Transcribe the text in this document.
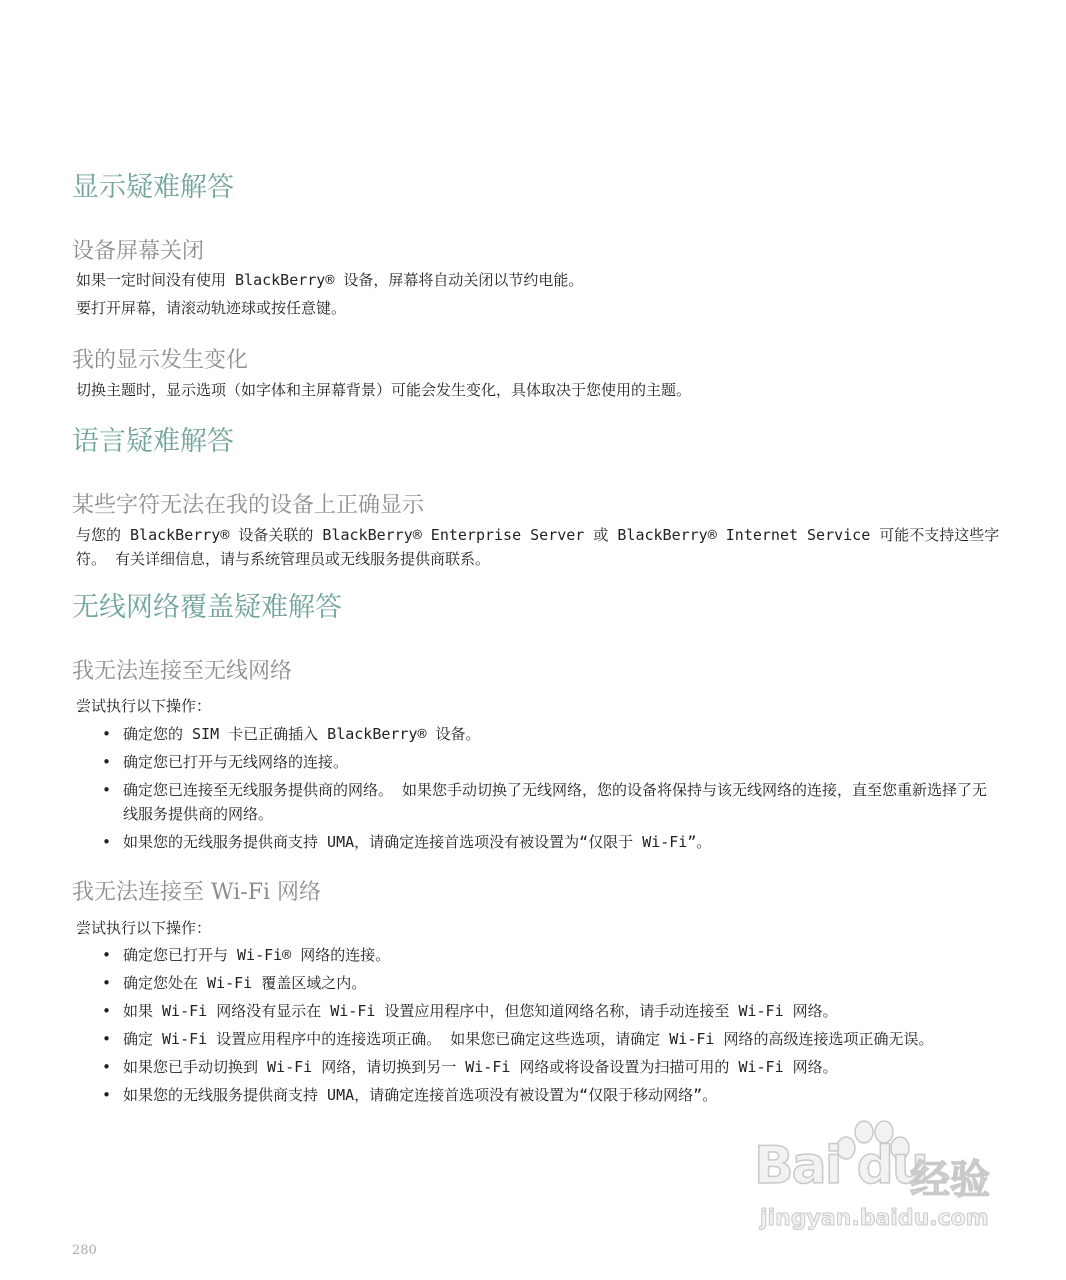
显示疑难解答
设备屏幕关闭

如果一定时间没有使用 BlackBerry® 设备，屏幕将自动关闭以节约电能。

要打开屏幕，请滚动轨迹球或按任意键。

我的显示发生变化

切换主题时，显示选项（如字体和主屏幕背景）可能会发生变化，具体取决于您使用的主题。

语言疑难解答
某些字符无法在我的设备上正确显示

与您的 BlackBerry® 设备关联的 BlackBerry® Enterprise Server 或 BlackBerry® Internet Service 可能不支持这些字符。 有关详细信息，请与系统管理员或无线服务提供商联系。

无线网络覆盖疑难解答
我无法连接至无线网络

尝试执行以下操作：

• 确定您的 SIM 卡已正确插入 BlackBerry® 设备。
• 确定您已打开与无线网络的连接。
• 确定您已连接至无线服务提供商的网络。 如果您手动切换了无线网络，您的设备将保持与该无线网络的连接，直至您重新选择了无线服务提供商的网络。
• 如果您的无线服务提供商支持 UMA，请确定连接首选项没有被设置为“仅限于 Wi-Fi”。
我无法连接至 Wi-Fi 网络

尝试执行以下操作：

• 确定您已打开与 Wi-Fi® 网络的连接。
• 确定您处在 Wi-Fi 覆盖区域之内。
• 如果 Wi-Fi 网络没有显示在 Wi-Fi 设置应用程序中，但您知道网络名称，请手动连接至 Wi-Fi 网络。
• 确定 Wi-Fi 设置应用程序中的连接选项正确。 如果您已确定这些选项，请确定 Wi-Fi 网络的高级连接选项正确无误。
• 如果您已手动切换到 Wi-Fi 网络，请切换到另一 Wi-Fi 网络或将设备设置为扫描可用的 Wi-Fi 网络。
• 如果您的无线服务提供商支持 UMA，请确定连接首选项没有被设置为“仅限于移动网络”。
280
Bai du
经验
jingyan.baidu.com
